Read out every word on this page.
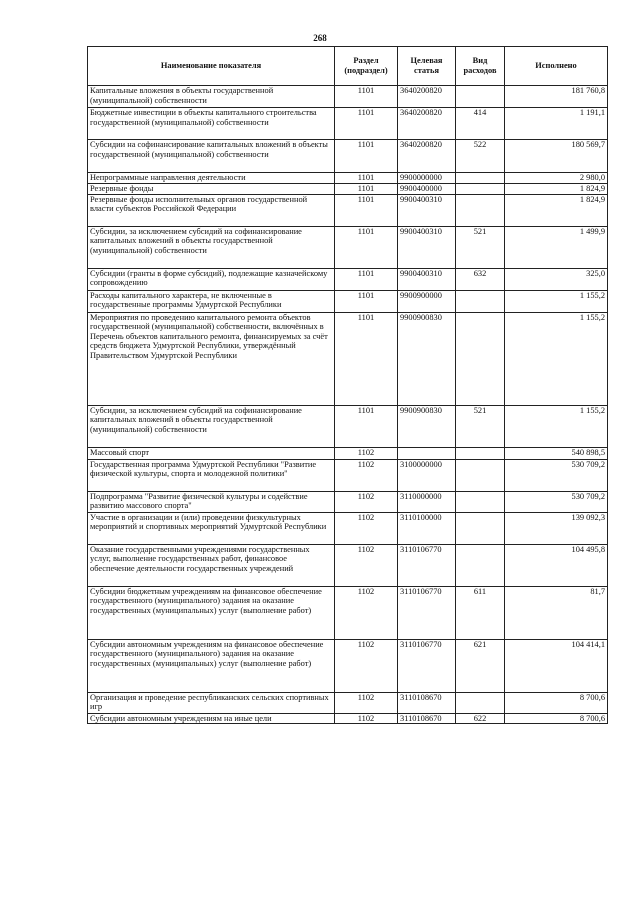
268
Наименование показателя	Раздел (подраздел)	Целевая статья	Вид расходов	Исполнено
Капитальные вложения в объекты государственной (муниципальной) собственности	1101	3640200820		181 760,8
Бюджетные инвестиции в объекты капитального строительства государственной (муниципальной) собственности	1101	3640200820	414	1 191,1
Субсидии на софинансирование капитальных вложений в объекты государственной (муниципальной) собственности	1101	3640200820	522	180 569,7
Непрограммные направления деятельности	1101	9900000000		2 980,0
Резервные фонды	1101	9900400000		1 824,9
Резервные фонды исполнительных органов государственной власти субъектов Российской Федерации	1101	9900400310		1 824,9
Субсидии, за исключением субсидий на софинансирование капитальных вложений в объекты государственной (муниципальной) собственности	1101	9900400310	521	1 499,9
Субсидии (гранты в форме субсидий), подлежащие казначейскому сопровождению	1101	9900400310	632	325,0
Расходы капитального характера, не включенные в государственные программы Удмуртской Республики	1101	9900900000		1 155,2
Мероприятия по проведению капитального ремонта объектов государственной (муниципальной) собственности, включённых в Перечень объектов капитального ремонта, финансируемых за счёт средств бюджета Удмуртской Республики, утверждённый Правительством Удмуртской Республики	1101	9900900830		1 155,2
Субсидии, за исключением субсидий на софинансирование капитальных вложений в объекты государственной (муниципальной) собственности	1101	9900900830	521	1 155,2
Массовый спорт	1102			540 898,5
Государственная программа Удмуртской Республики "Развитие физической культуры, спорта и молодежной политики"	1102	3100000000		530 709,2
Подпрограмма "Развитие физической культуры и содействие развитию массового спорта"	1102	3110000000		530 709,2
Участие в организации и (или) проведении физкультурных мероприятий и спортивных мероприятий Удмуртской Республики	1102	3110100000		139 092,3
Оказание государственными учреждениями государственных услуг, выполнение государственных работ, финансовое обеспечение деятельности государственных учреждений	1102	3110106770		104 495,8
Субсидии бюджетным учреждениям на финансовое обеспечение государственного (муниципального) задания на оказание государственных (муниципальных) услуг (выполнение работ)	1102	3110106770	611	81,7
Субсидии автономным учреждениям на финансовое обеспечение государственного (муниципального) задания на оказание государственных (муниципальных) услуг (выполнение работ)	1102	3110106770	621	104 414,1
Организация и проведение республиканских сельских спортивных игр	1102	3110108670		8 700,6
Субсидии автономным учреждениям на иные цели	1102	3110108670	622	8 700,6
